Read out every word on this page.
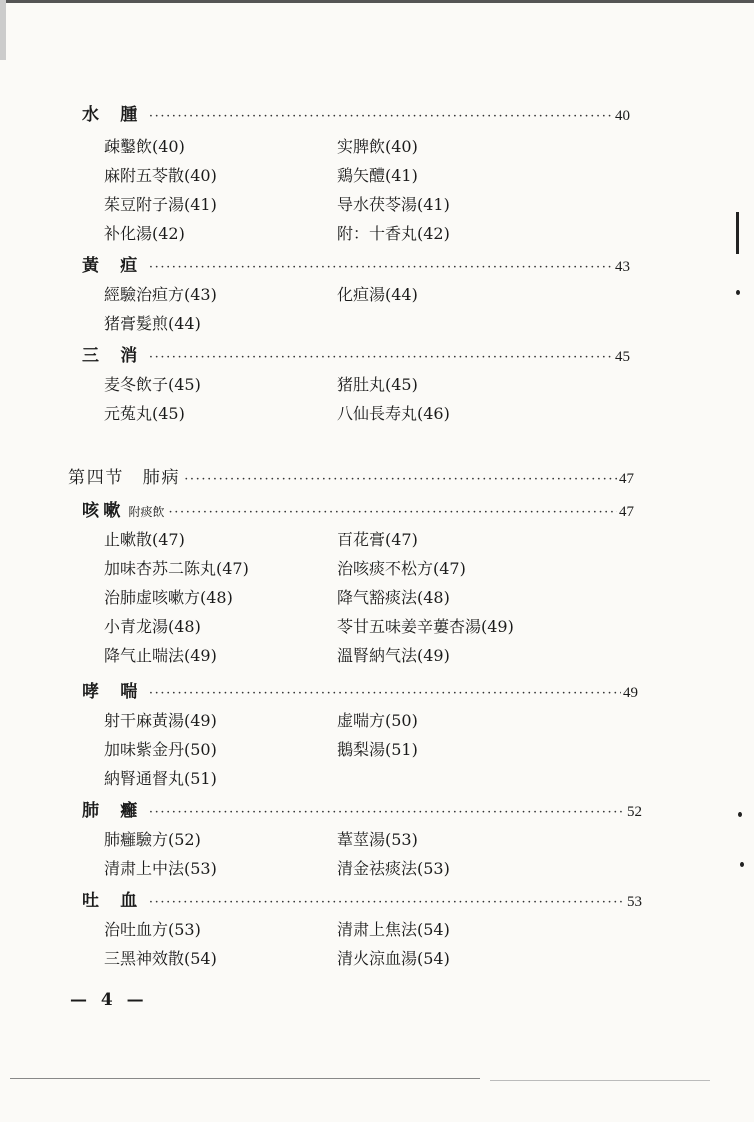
水 腫 ·····	40
疎鑿飲(40)	实脾飲(40)
麻附五苓散(40)	鶏矢醴(41)
茱豆附子湯(41)	导水茯苓湯(41)
补化湯(42)	附：十香丸(42)
黃 疸 ·····	43
經驗治疸方(43)	化疸湯(44)
猪膏髮煎(44)
三 消 ·····	45
麦冬飲子(45)	猪肚丸(45)
元菟丸(45)	八仙長寿丸(46)
第四节　肺病 ·····	47
咳嗽 附痰飲 ·····	47
止嗽散(47)	百花膏(47)
加味杏苏二陈丸(47)	治咳痰不松方(47)
治肺虚咳嗽方(48)	降气豁痰法(48)
小青龙湯(48)	苓甘五味姜辛蔞杏湯(49)
降气止喘法(49)	溫腎納气法(49)
哮 喘 ·····	49
射干麻黃湯(49)	虚喘方(50)
加味紫金丹(50)	鵝梨湯(51)
納腎通督丸(51)
肺 癰 ·····	52
肺癰驗方(52)	葦莖湯(53)
清肃上中法(53)	清金祛痰法(53)
吐 血 ·····	53
治吐血方(53)	清肃上焦法(54)
三黑神效散(54)	清火涼血湯(54)
— 4 —
